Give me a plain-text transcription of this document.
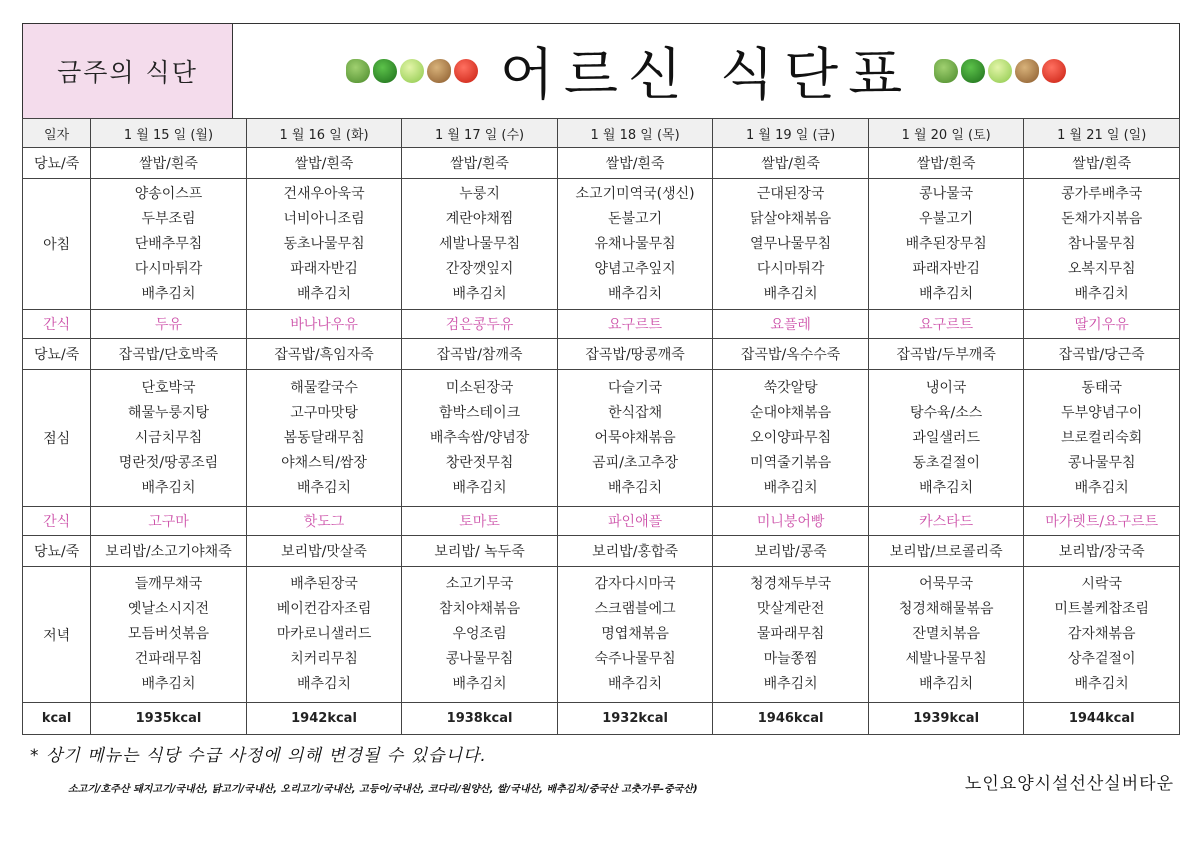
금주의 식단	어르신 식단표
일자	1 월 15 일 (월)	1 월 16 일 (화)	1 월 17 일 (수)	1 월 18 일 (목)	1 월 19 일 (금)	1 월 20 일 (토)	1 월 21 일 (일)
당뇨/죽	쌀밥/흰죽	쌀밥/흰죽	쌀밥/흰죽	쌀밥/흰죽	쌀밥/흰죽	쌀밥/흰죽	쌀밥/흰죽
아침	양송이스프
두부조림
단배추무침
다시마튀각
배추김치	건새우아욱국
너비아니조림
동초나물무침
파래자반김
배추김치	누룽지
계란야채찜
세발나물무침
간장깻잎지
배추김치	소고기미역국(생신)
돈불고기
유채나물무침
양념고추잎지
배추김치	근대된장국
닭살야채볶음
열무나물무침
다시마튀각
배추김치	콩나물국
우불고기
배추된장무침
파래자반김
배추김치	콩가루배추국
돈채가지볶음
참나물무침
오복지무침
배추김치

간식	두유	바나나우유	검은콩두유	요구르트	요플레	요구르트	딸기우유
당뇨/죽	잡곡밥/단호박죽	잡곡밥/흑임자죽	잡곡밥/참깨죽	잡곡밥/땅콩깨죽	잡곡밥/옥수수죽	잡곡밥/두부깨죽	잡곡밥/당근죽
점심	단호박국
해물누룽지탕
시금치무침
명란젓/땅콩조림
배추김치	해물칼국수
고구마맛탕
봄동달래무침
야채스틱/쌈장
배추김치	미소된장국
함박스테이크
배추속쌈/양념장
창란젓무침
배추김치	다슬기국
한식잡채
어묵야채볶음
곰피/초고추장
배추김치	쑥갓알탕
순대야채볶음
오이양파무침
미역줄기볶음
배추김치	냉이국
탕수육/소스
과일샐러드
동초겉절이
배추김치	동태국
두부양념구이
브로컬리숙회
콩나물무침
배추김치

간식	고구마	핫도그	토마토	파인애플	미니붕어빵	카스타드	마가렛트/요구르트
당뇨/죽	보리밥/소고기야채죽	보리밥/맛살죽	보리밥/ 녹두죽	보리밥/홍합죽	보리밥/콩죽	보리밥/브로콜리죽	보리밥/장국죽
저녁	들깨무채국
옛날소시지전
모듬버섯볶음
건파래무침
배추김치	배추된장국
베이컨감자조림
마카로니샐러드
치커리무침
배추김치	소고기무국
참치야채볶음
우엉조림
콩나물무침
배추김치	감자다시마국
스크램블에그
명엽채볶음
숙주나물무침
배추김치	청경채두부국
맛살계란전
물파래무침
마늘쫑찜
배추김치	어묵무국
청경채해물볶음
잔멸치볶음
세발나물무침
배추김치	시락국
미트볼케찹조림
감자채볶음
상추겉절이
배추김치

kcal	1935kcal	1942kcal	1938kcal	1932kcal	1946kcal	1939kcal	1944kcal
* 상기 메뉴는 식당 수급 사정에 의해 변경될 수 있습니다.
소고기/호주산 돼지고기/국내산, 닭고기/국내산, 오리고기/국내산, 고등어/국내산, 코다리/원양산, 쌀/국내산, 배추김치/중국산 고춧가루-중국산)	노인요양시설선산실버타운
